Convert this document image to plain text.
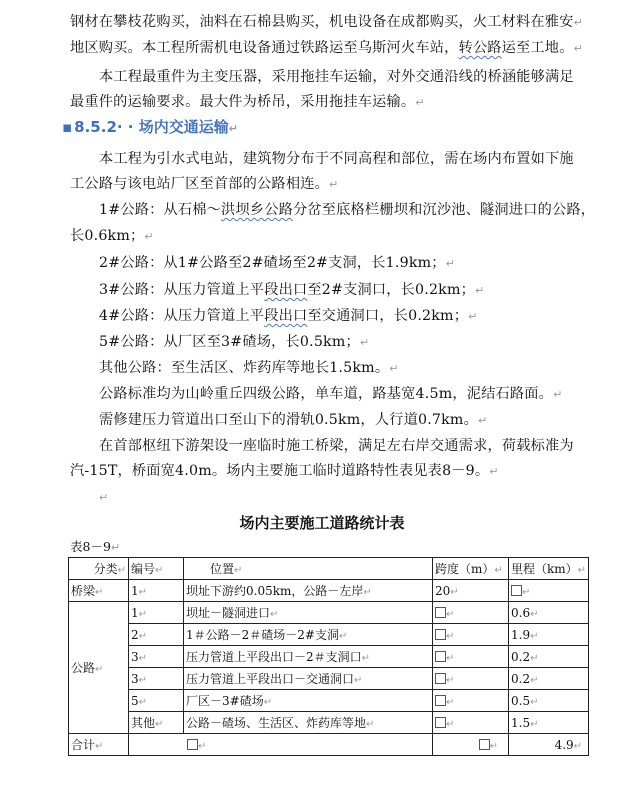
钢材在攀枝花购买，油料在石棉县购买，机电设备在成都购买，火工材料在雅安↵
地区购买。本工程所需机电设备通过铁路运至乌斯河火车站，转公路运至工地。↵
本工程最重件为主变压器，采用拖挂车运输，对外交通沿线的桥涵能够满足
最重件的运输要求。最大件为桥吊，采用拖挂车运输。↵
▪ 8.5.2· · 场内交通运输↵
本工程为引水式电站，建筑物分布于不同高程和部位，需在场内布置如下施
工公路与该电站厂区至首部的公路相连。↵
1#公路：从石棉～洪坝乡公路分岔至底格栏栅坝和沉沙池、隧洞进口的公路，
长0.6km；↵
2#公路：从1#公路至2#碴场至2#支洞，长1.9km；↵
3#公路：从压力管道上平段出口至2#支洞口，长0.2km；↵
4#公路：从压力管道上平段出口至交通洞口，长0.2km；↵
5#公路：从厂区至3#碴场，长0.5km；↵
其他公路：至生活区、炸药库等地长1.5km。↵
公路标准均为山岭重丘四级公路，单车道，路基宽4.5m，泥结石路面。↵
需修建压力管道出口至山下的滑轨0.5km，人行道0.7km。↵
在首部枢纽下游架设一座临时施工桥梁，满足左右岸交通需求，荷载标准为
汽-15T，桥面宽4.0m。场内主要施工临时道路特性表见表8－9。↵
↵
场内主要施工道路统计表
表8－9↵
分类↵	编号↵	位置↵	跨度（m）↵	里程（km）↵
桥梁↵	1↵	坝址下游约0.05km，公路－左岸↵	20↵	↵
公路↵	1↵	坝址－隧洞进口↵	↵	0.6↵
	2↵	1＃公路－2＃碴场－2#支洞↵	↵	1.9↵
	3↵	压力管道上平段出口－2＃支洞口↵	↵	0.2↵
	3↵	压力管道上平段出口－交通洞口↵	↵	0.2↵
	5↵	厂区－3#碴场↵	↵	0.5↵
	其他↵	公路－碴场、生活区、炸药库等地↵	↵	1.5↵
合计↵	↵		↵	4.9↵
